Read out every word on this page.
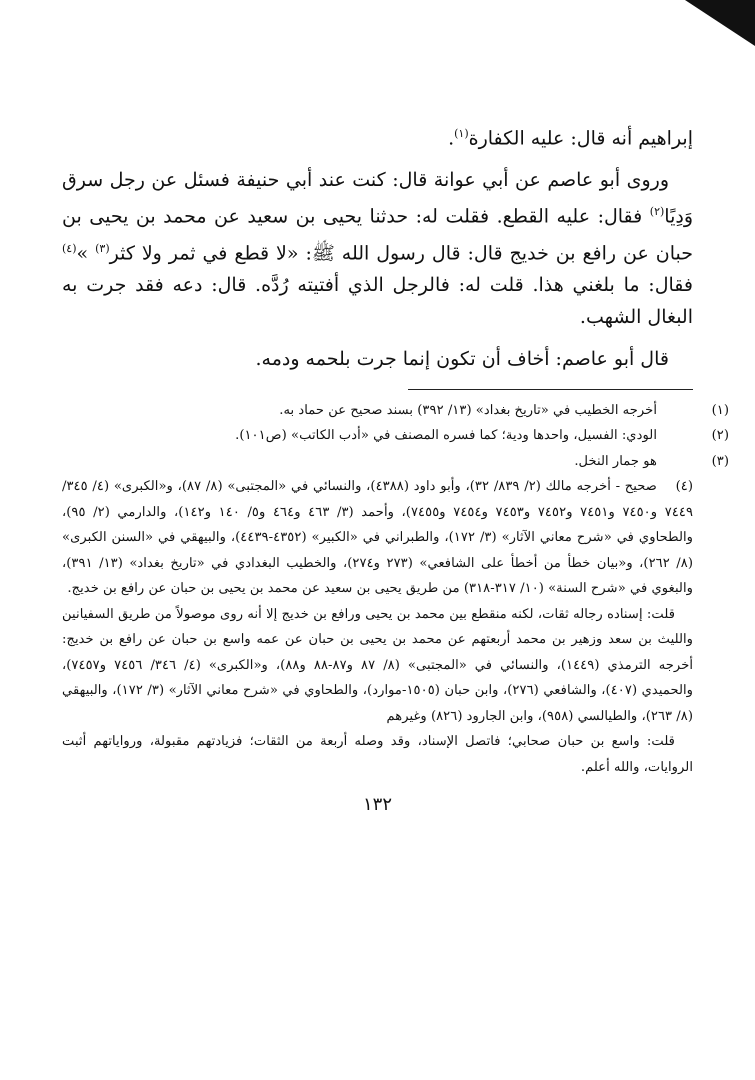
إبراهيم أنه قال: عليه الكفارة$^{(١)}$.

وروى أبو عاصم عن أبي عوانة قال: كنت عند أبي حنيفة فسئل عن رجل سرق وَدِيًا$^{(٢)}$ فقال: عليه القطع. فقلت له: حدثنا يحيى بن سعيد عن محمد بن يحيى بن حبان عن رافع بن خديج قال: قال رسول الله ﷺ: «لا قطع في ثمر ولا كثر$^{(٣)}$ »$^{(٤)}$ فقال: ما بلغني هذا. قلت له: فالرجل الذي أفتيته رُدَّه. قال: دعه فقد جرت به البغال الشهب.

قال أبو عاصم: أخاف أن تكون إنما جرت بلحمه ودمه.

(١)أخرجه الخطيب في «تاريخ بغداد» (١٣/ ٣٩٢) بسند صحيح عن حماد به.

(٢)الودي: الفسيل، واحدها ودية؛ كما فسره المصنف في «أدب الكاتب» (ص١٠١).

(٣)هو جمار النخل.

(٤)صحيح - أخرجه مالك (٢/ ٨٣٩/ ٣٢)، وأبو داود (٤٣٨٨)، والنسائي في «المجتبى» (٨/ ٨٧)، و«الكبرى» (٤/ ٣٤٥/ ٧٤٤٩ و٧٤٥٠ و٧٤٥١ و٧٤٥٢ و٧٤٥٣ و٧٤٥٤ و٧٤٥٥)، وأحمد (٣/ ٤٦٣ و٤٦٤ و٥/ ١٤٠ و١٤٢)، والدارمي (٢/ ٩٥)، والطحاوي في «شرح معاني الآثار» (٣/ ١٧٢)، والطبراني في «الكبير» (٤٣٥٢-٤٤٣٩)، والبيهقي في «السنن الكبرى» (٨/ ٢٦٢)، و«بيان خطأ من أخطأ على الشافعي» (٢٧٣ و٢٧٤)، والخطيب البغدادي في «تاريخ بغداد» (١٣/ ٣٩١)، والبغوي في «شرح السنة» (١٠/ ٣١٧-٣١٨) من طريق يحيى بن سعيد عن محمد بن يحيى بن حبان عن رافع بن خديج.

قلت: إسناده رجاله ثقات، لكنه منقطع بين محمد بن يحيى ورافع بن خديج إلا أنه روى موصولاً من طريق السفيانين والليث بن سعد وزهير بن محمد أربعتهم عن محمد بن يحيى بن حبان عن عمه واسع بن حبان عن رافع بن خديج: أخرجه الترمذي (١٤٤٩)، والنسائي في «المجتبى» (٨/ ٨٧ و٨٧-٨٨ و٨٨)، و«الكبرى» (٤/ ٣٤٦/ ٧٤٥٦ و٧٤٥٧)، والحميدي (٤٠٧)، والشافعي (٢٧٦)، وابن حبان (١٥٠٥-موارد)، والطحاوي في «شرح معاني الآثار» (٣/ ١٧٢)، والبيهقي (٨/ ٢٦٣)، والطيالسي (٩٥٨)، وابن الجارود (٨٢٦) وغيرهم

قلت: واسع بن حبان صحابي؛ فاتصل الإسناد، وقد وصله أربعة من الثقات؛ فزيادتهم مقبولة، ورواياتهم أثبت الروايات، والله أعلم.

١٣٢
